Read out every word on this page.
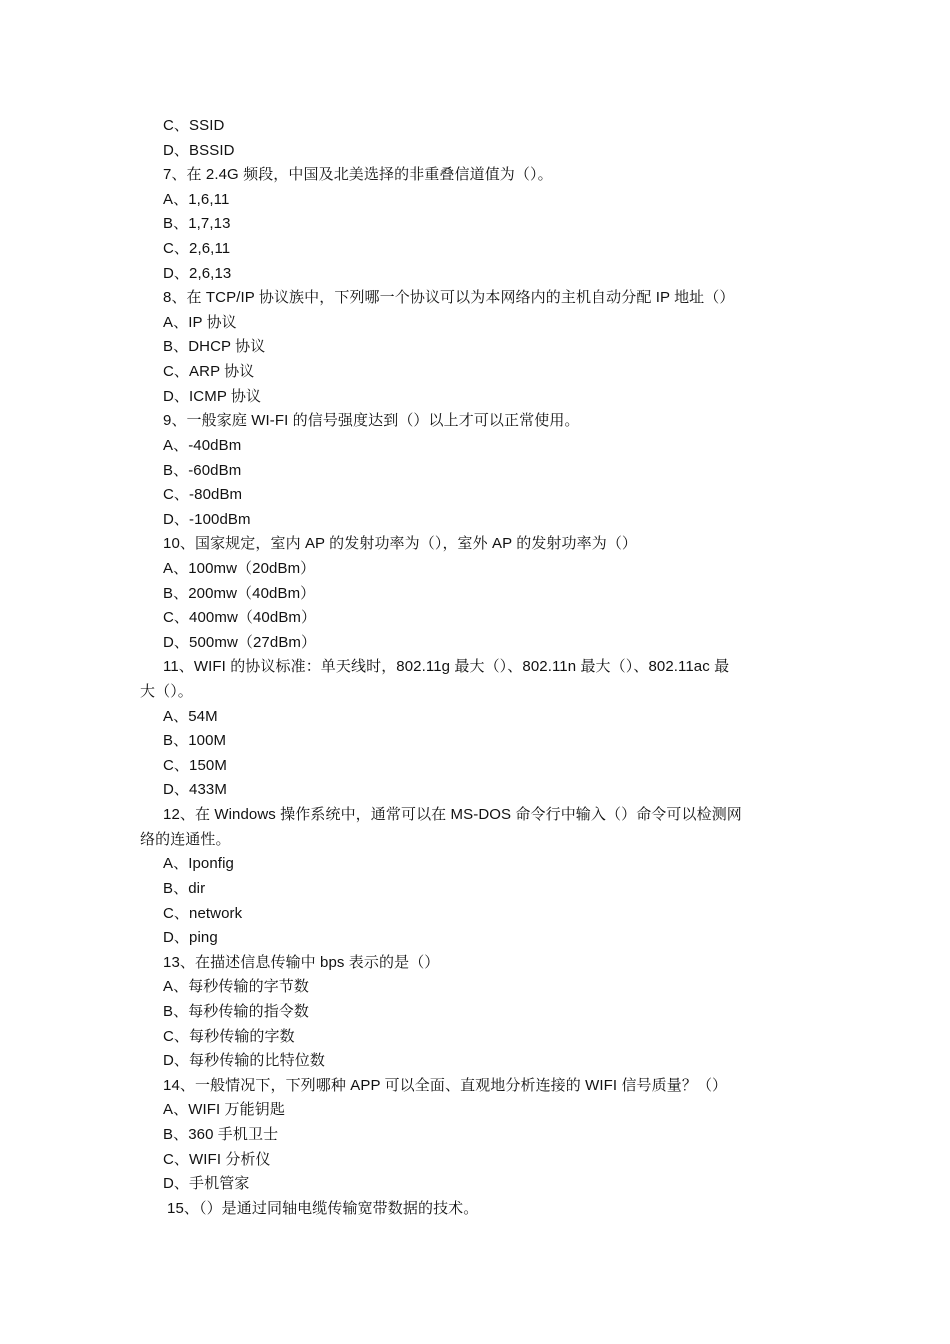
C、SSID
D、BSSID
7、在 2.4G 频段，中国及北美选择的非重叠信道值为（）。
A、1,6,11
B、1,7,13
C、2,6,11
D、2,6,13
8、在 TCP/IP 协议族中，下列哪一个协议可以为本网络内的主机自动分配 IP 地址（）
A、IP 协议
B、DHCP 协议
C、ARP 协议
D、ICMP 协议
9、一般家庭 WI-FI 的信号强度达到（）以上才可以正常使用。
A、-40dBm
B、-60dBm
C、-80dBm
D、-100dBm
10、国家规定，室内 AP 的发射功率为（），室外 AP 的发射功率为（）
A、100mw（20dBm）
B、200mw（40dBm）
C、400mw（40dBm）
D、500mw（27dBm）
11、WIFI 的协议标准：单天线时，802.11g 最大（）、802.11n 最大（）、802.11ac 最
大（）。
A、54M
B、100M
C、150M
D、433M
12、在 Windows 操作系统中，通常可以在 MS-DOS 命令行中输入（）命令可以检测网
络的连通性。
A、Iponfig
B、dir
C、network
D、ping
13、在描述信息传输中 bps 表示的是（）
A、每秒传输的字节数
B、每秒传输的指令数
C、每秒传输的字数
D、每秒传输的比特位数
14、一般情况下，下列哪种 APP 可以全面、直观地分析连接的 WIFI 信号质量？（）
A、WIFI 万能钥匙
B、360 手机卫士
C、WIFI 分析仪
D、手机管家
15、（）是通过同轴电缆传输宽带数据的技术。
